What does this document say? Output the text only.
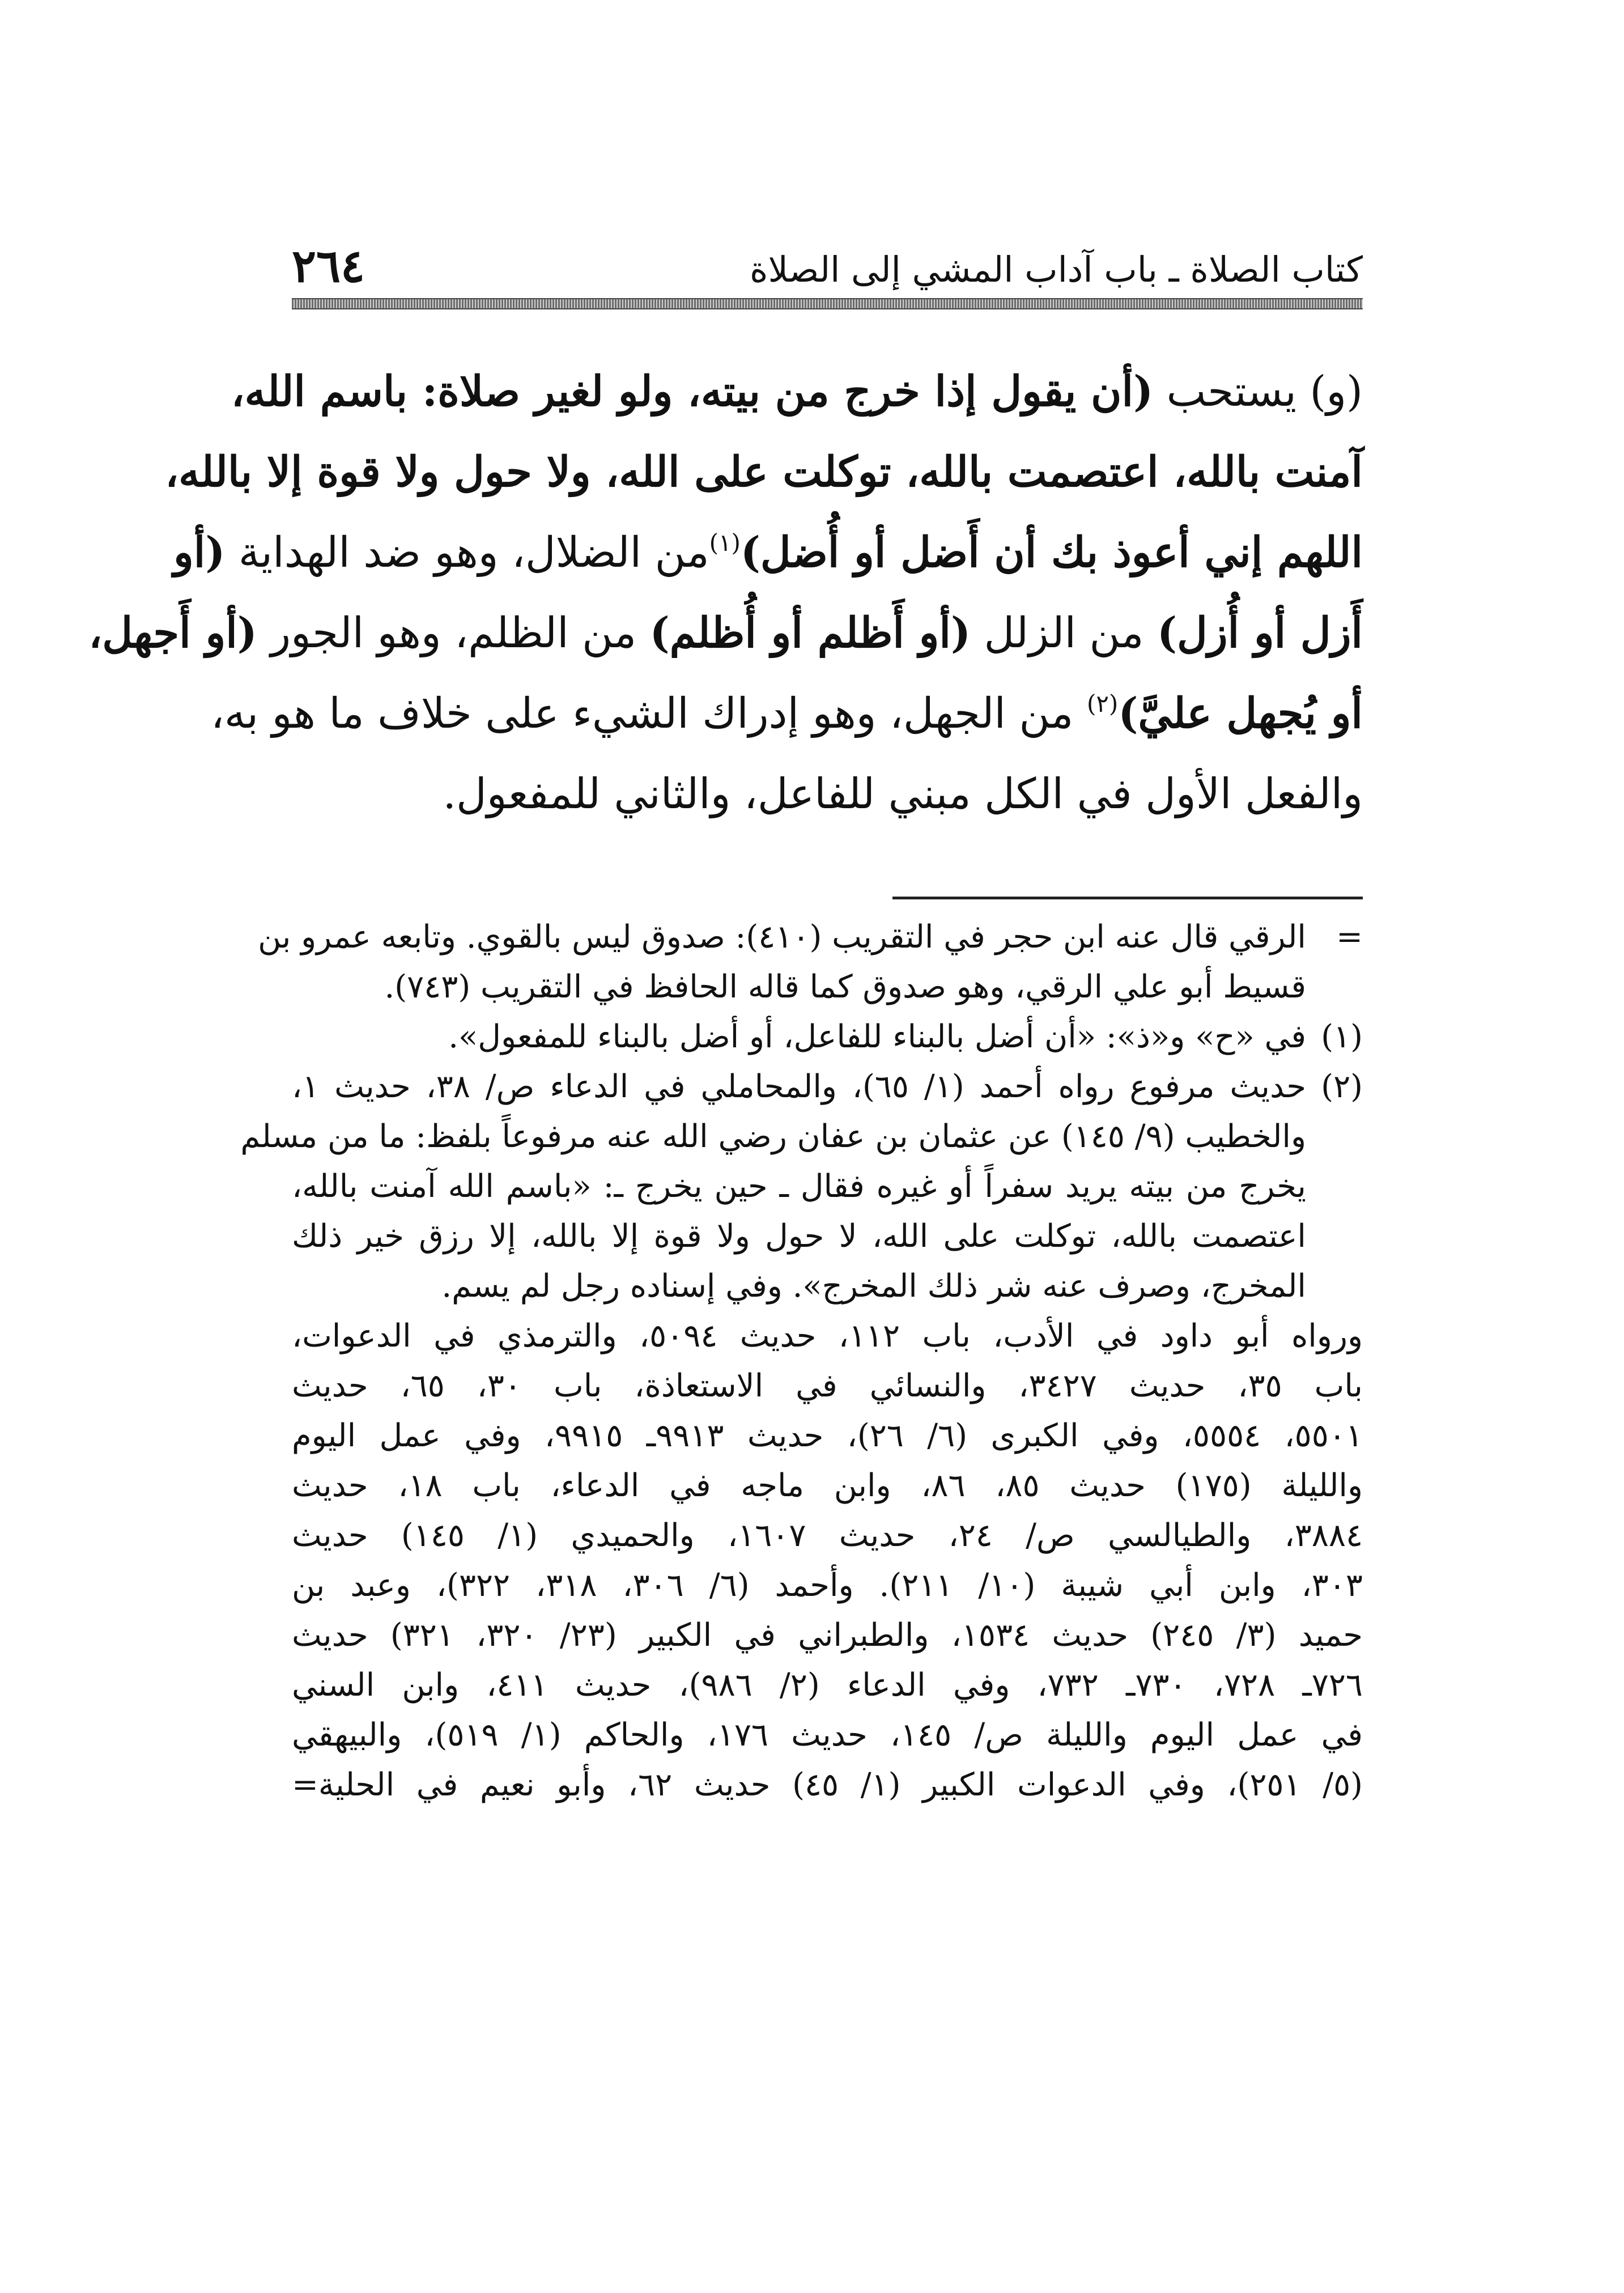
٢٦٤	كتاب الصلاة ـ باب آداب المشي إلى الصلاة
(و) يستحب (أن يقول إذا خرج من بيته، ولو لغير صلاة: باسم الله،
آمنت بالله، اعتصمت بالله، توكلت على الله، ولا حول ولا قوة إلا بالله،
اللهم إني أعوذ بك أن أَضل أو أُضل)$^{(١)}$من الضلال، وهو ضد الهداية (أو
أَزل أو أُزل) من الزلل (أو أَظلم أو أُظلم) من الظلم، وهو الجور (أو أَجهل،
أو يُجهل عليَّ)$^{(٢)}$ من الجهل، وهو إدراك الشيء على خلاف ما هو به،
والفعل الأول في الكل مبني للفاعل، والثاني للمفعول.
=
الرقي قال عنه ابن حجر في التقريب (٤١٠): صدوق ليس بالقوي. وتابعه عمرو بن
قسيط أبو علي الرقي، وهو صدوق كما قاله الحافظ في التقريب (٧٤٣).
(١)
في «ح» و«ذ»: «أن أضل بالبناء للفاعل، أو أضل بالبناء للمفعول».
(٢)
حديث مرفوع رواه أحمد (١/ ٦٥)، والمحاملي في الدعاء ص/ ٣٨، حديث ١،
والخطيب (٩/ ١٤٥) عن عثمان بن عفان رضي الله عنه مرفوعاً بلفظ: ما من مسلم
يخرج من بيته يريد سفراً أو غيره فقال ـ حين يخرج ـ: «باسم الله آمنت بالله،
اعتصمت بالله، توكلت على الله، لا حول ولا قوة إلا بالله، إلا رزق خير ذلك
المخرج، وصرف عنه شر ذلك المخرج». وفي إسناده رجل لم يسم.
ورواه أبو داود في الأدب، باب ١١٢، حديث ٥٠٩٤، والترمذي في الدعوات،
باب ٣٥، حديث ٣٤٢٧، والنسائي في الاستعاذة، باب ٣٠، ٦٥، حديث
٥٥٠١، ٥٥٥٤، وفي الكبرى (٦/ ٢٦)، حديث ٩٩١٣ـ ٩٩١٥، وفي عمل اليوم
والليلة (١٧٥) حديث ٨٥، ٨٦، وابن ماجه في الدعاء، باب ١٨، حديث
٣٨٨٤، والطيالسي ص/ ٢٤، حديث ١٦٠٧، والحميدي (١/ ١٤٥) حديث
٣٠٣، وابن أبي شيبة (١٠/ ٢١١). وأحمد (٦/ ٣٠٦، ٣١٨، ٣٢٢)، وعبد بن
حميد (٣/ ٢٤٥) حديث ١٥٣٤، والطبراني في الكبير (٢٣/ ٣٢٠، ٣٢١) حديث
٧٢٦ـ ٧٢٨، ٧٣٠ـ ٧٣٢، وفي الدعاء (٢/ ٩٨٦)، حديث ٤١١، وابن السني
في عمل اليوم والليلة ص/ ١٤٥، حديث ١٧٦، والحاكم (١/ ٥١٩)، والبيهقي
(٥/ ٢٥١)، وفي الدعوات الكبير (١/ ٤٥) حديث ٦٢، وأبو نعيم في الحلية=
